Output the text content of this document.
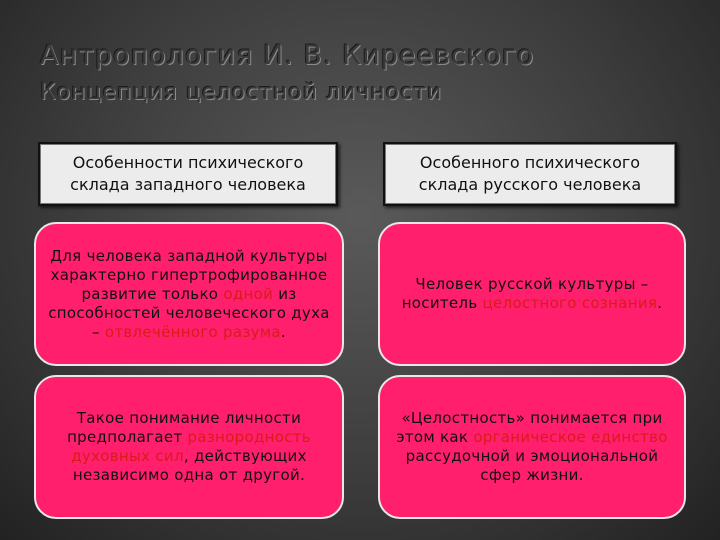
Антропология И. В. Киреевского
Концепция целостной личности
Особенности психического склада западного человека
Особенного психического склада русского человека

Для человека западной культуры характерно гипертрофированное развитие только одной из способностей человеческого духа – отвлечённого разума.

Человек русской культуры – носитель целостного сознания.

Такое понимание личности предполагает разнородность духовных сил, действующих независимо одна от другой.

«Целостность» понимается при этом как органическое единство рассудочной и эмоциональной сфер жизни.
